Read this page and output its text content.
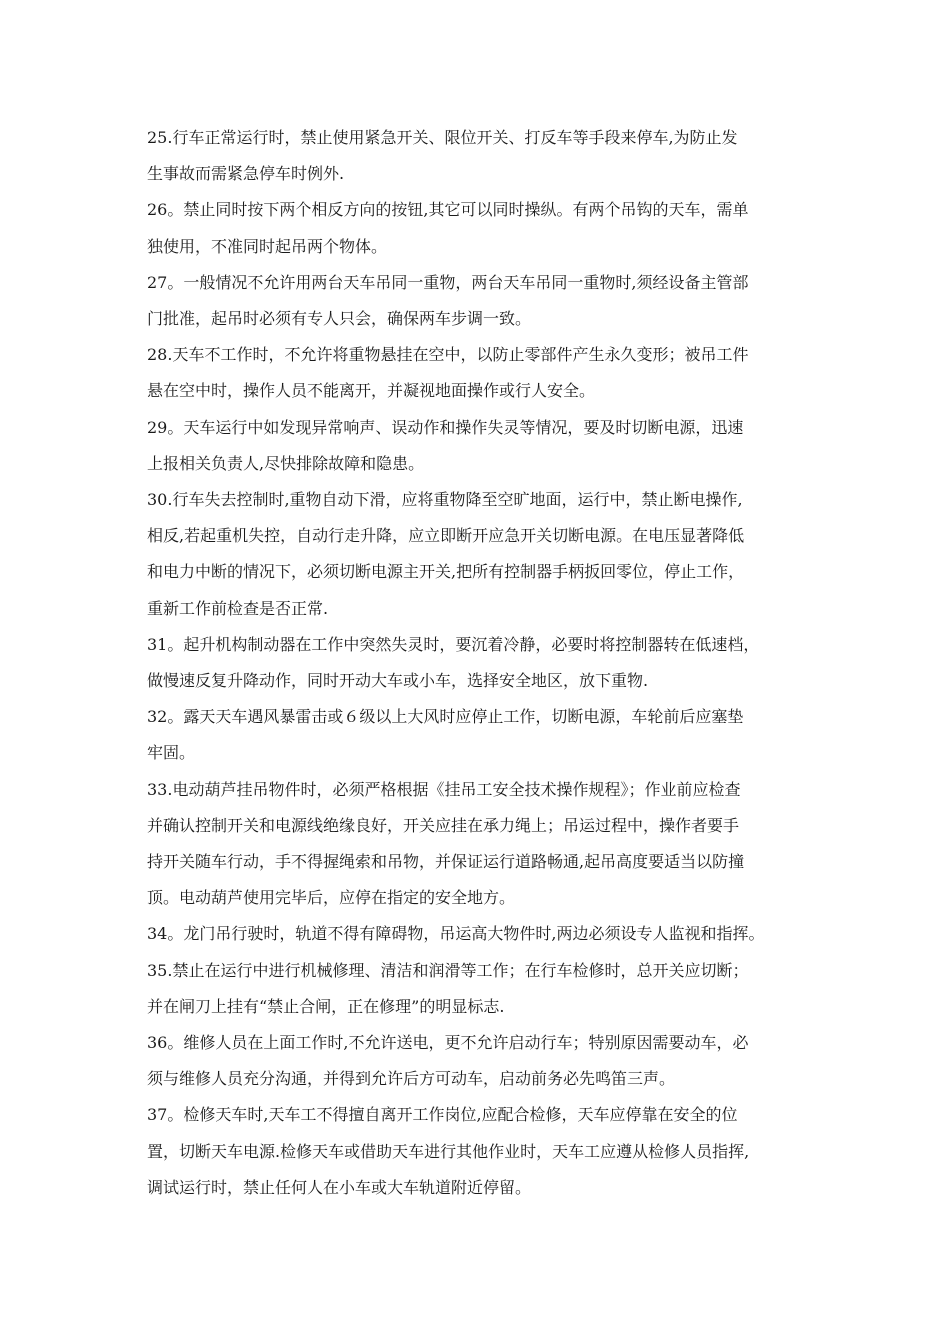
25.行车正常运行时，禁止使用紧急开关、限位开关、打反车等手段来停车,为防止发
生事故而需紧急停车时例外.
26。禁止同时按下两个相反方向的按钮,其它可以同时操纵。有两个吊钩的天车，需单
独使用，不准同时起吊两个物体。
27。一般情况不允许用两台天车吊同一重物，两台天车吊同一重物时,须经设备主管部
门批准，起吊时必须有专人只会，确保两车步调一致。
28.天车不工作时，不允许将重物悬挂在空中，以防止零部件产生永久变形；被吊工件
悬在空中时，操作人员不能离开，并凝视地面操作或行人安全。
29。天车运行中如发现异常响声、误动作和操作失灵等情况，要及时切断电源，迅速
上报相关负责人,尽快排除故障和隐患。
30.行车失去控制时,重物自动下滑，应将重物降至空旷地面，运行中，禁止断电操作,
相反,若起重机失控，自动行走升降，应立即断开应急开关切断电源。在电压显著降低
和电力中断的情况下，必须切断电源主开关,把所有控制器手柄扳回零位，停止工作，
重新工作前检查是否正常.
31。起升机构制动器在工作中突然失灵时，要沉着冷静，必要时将控制器转在低速档，
做慢速反复升降动作，同时开动大车或小车，选择安全地区，放下重物.
32。露天天车遇风暴雷击或６级以上大风时应停止工作，切断电源，车轮前后应塞垫
牢固。
33.电动葫芦挂吊物件时，必须严格根据《挂吊工安全技术操作规程》；作业前应检查
并确认控制开关和电源线绝缘良好，开关应挂在承力绳上；吊运过程中，操作者要手
持开关随车行动，手不得握绳索和吊物，并保证运行道路畅通,起吊高度要适当以防撞
顶。电动葫芦使用完毕后，应停在指定的安全地方。
34。龙门吊行驶时，轨道不得有障碍物，吊运高大物件时,两边必须设专人监视和指挥。
35.禁止在运行中进行机械修理、清洁和润滑等工作；在行车检修时，总开关应切断；
并在闸刀上挂有“禁止合闸，正在修理”的明显标志.
36。维修人员在上面工作时,不允许送电，更不允许启动行车；特别原因需要动车，必
须与维修人员充分沟通，并得到允许后方可动车，启动前务必先鸣笛三声。
37。检修天车时,天车工不得擅自离开工作岗位,应配合检修，天车应停靠在安全的位
置，切断天车电源.检修天车或借助天车进行其他作业时，天车工应遵从检修人员指挥,
调试运行时，禁止任何人在小车或大车轨道附近停留。
